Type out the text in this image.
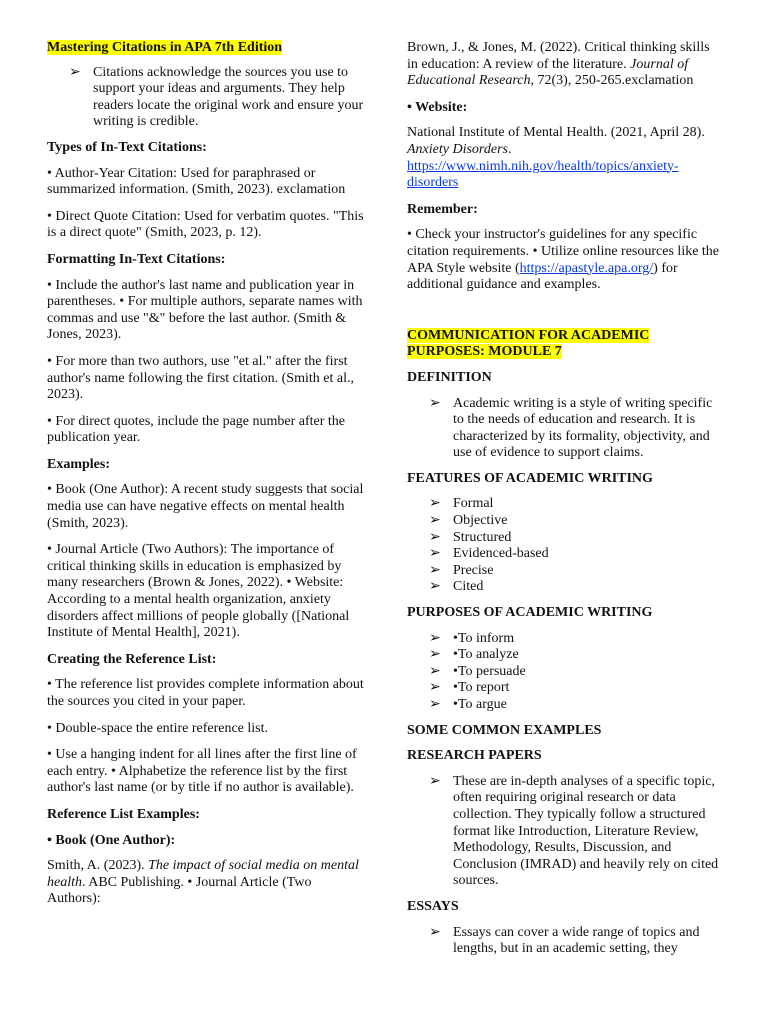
Mastering Citations in APA 7th Edition

➢ Citations acknowledge the sources you use to support your ideas and arguments. They help readers locate the original work and ensure your writing is credible.

Types of In-Text Citations:

• Author-Year Citation: Used for paraphrased or summarized information. (Smith, 2023). exclamation

• Direct Quote Citation: Used for verbatim quotes. "This is a direct quote" (Smith, 2023, p. 12).

Formatting In-Text Citations:

• Include the author's last name and publication year in parentheses. • For multiple authors, separate names with commas and use "&" before the last author. (Smith & Jones, 2023).

• For more than two authors, use "et al." after the first author's name following the first citation. (Smith et al., 2023).

• For direct quotes, include the page number after the publication year.

Examples:

• Book (One Author): A recent study suggests that social media use can have negative effects on mental health (Smith, 2023).

• Journal Article (Two Authors): The importance of critical thinking skills in education is emphasized by many researchers (Brown & Jones, 2022). • Website: According to a mental health organization, anxiety disorders affect millions of people globally ([National Institute of Mental Health], 2021).

Creating the Reference List:

• The reference list provides complete information about the sources you cited in your paper.

• Double-space the entire reference list.

• Use a hanging indent for all lines after the first line of each entry. • Alphabetize the reference list by the first author's last name (or by title if no author is available).

Reference List Examples:

• Book (One Author):

Smith, A. (2023). The impact of social media on mental health. ABC Publishing. • Journal Article (Two Authors):

Brown, J., & Jones, M. (2022). Critical thinking skills in education: A review of the literature. Journal of Educational Research, 72(3), 250-265.exclamation

• Website:

National Institute of Mental Health. (2021, April 28). Anxiety Disorders.
https://www.nimh.nih.gov/health/topics/anxiety-disorders

Remember:

• Check your instructor's guidelines for any specific citation requirements. • Utilize online resources like the APA Style website (https://apastyle.apa.org/) for additional guidance and examples.

COMMUNICATION FOR ACADEMIC PURPOSES: MODULE 7

DEFINITION

➢ Academic writing is a style of writing specific to the needs of education and research. It is characterized by its formality, objectivity, and use of evidence to support claims.

FEATURES OF ACADEMIC WRITING

➢ Formal
➢ Objective
➢ Structured
➢ Evidenced-based
➢ Precise
➢ Cited

PURPOSES OF ACADEMIC WRITING

➢ •To inform
➢ •To analyze
➢ •To persuade
➢ •To report
➢ •To argue

SOME COMMON EXAMPLES

RESEARCH PAPERS

➢ These are in-depth analyses of a specific topic, often requiring original research or data collection. They typically follow a structured format like Introduction, Literature Review, Methodology, Results, Discussion, and Conclusion (IMRAD) and heavily rely on cited sources.

ESSAYS

➢ Essays can cover a wide range of topics and lengths, but in an academic setting, they
